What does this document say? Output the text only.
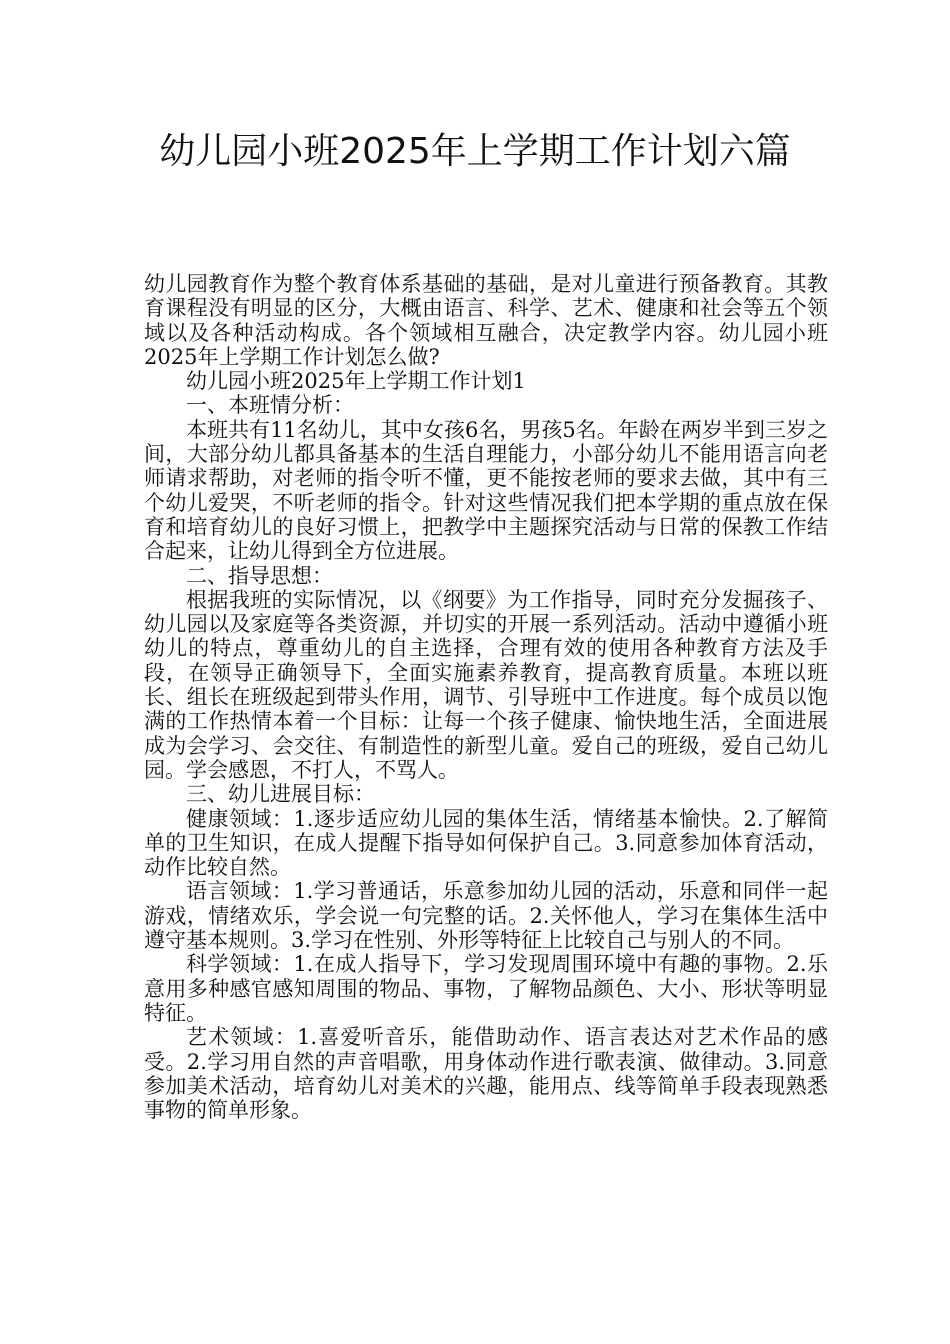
幼儿园小班2025年上学期工作计划六篇

幼儿园教育作为整个教育体系基础的基础，是对儿童进行预备教育。其教育课程没有明显的区分，大概由语言、科学、艺术、健康和社会等五个领域以及各种活动构成。各个领域相互融合，决定教学内容。幼儿园小班2025年上学期工作计划怎么做?

幼儿园小班2025年上学期工作计划1

一、本班情分析：

本班共有11名幼儿，其中女孩6名，男孩5名。年龄在两岁半到三岁之间，大部分幼儿都具备基本的生活自理能力，小部分幼儿不能用语言向老师请求帮助，对老师的指令听不懂，更不能按老师的要求去做，其中有三个幼儿爱哭，不听老师的指令。针对这些情况我们把本学期的重点放在保育和培育幼儿的良好习惯上，把教学中主题探究活动与日常的保教工作结合起来，让幼儿得到全方位进展。

二、指导思想：

根据我班的实际情况，以《纲要》为工作指导，同时充分发掘孩子、幼儿园以及家庭等各类资源，并切实的开展一系列活动。活动中遵循小班幼儿的特点，尊重幼儿的自主选择，合理有效的使用各种教育方法及手段，在领导正确领导下，全面实施素养教育，提高教育质量。本班以班长、组长在班级起到带头作用，调节、引导班中工作进度。每个成员以饱满的工作热情本着一个目标：让每一个孩子健康、愉快地生活，全面进展成为会学习、会交往、有制造性的新型儿童。爱自己的班级，爱自己幼儿园。学会感恩，不打人，不骂人。

三、幼儿进展目标：

健康领域：1.逐步适应幼儿园的集体生活，情绪基本愉快。2.了解简单的卫生知识，在成人提醒下指导如何保护自己。3.同意参加体育活动，动作比较自然。

语言领域：1.学习普通话，乐意参加幼儿园的活动，乐意和同伴一起游戏，情绪欢乐，学会说一句完整的话。2.关怀他人，学习在集体生活中遵守基本规则。3.学习在性别、外形等特征上比较自己与别人的不同。

科学领域：1.在成人指导下，学习发现周围环境中有趣的事物。2.乐意用多种感官感知周围的物品、事物，了解物品颜色、大小、形状等明显特征。

艺术领域：1.喜爱听音乐，能借助动作、语言表达对艺术作品的感受。2.学习用自然的声音唱歌，用身体动作进行歌表演、做律动。3.同意参加美术活动，培育幼儿对美术的兴趣，能用点、线等简单手段表现熟悉事物的简单形象。
